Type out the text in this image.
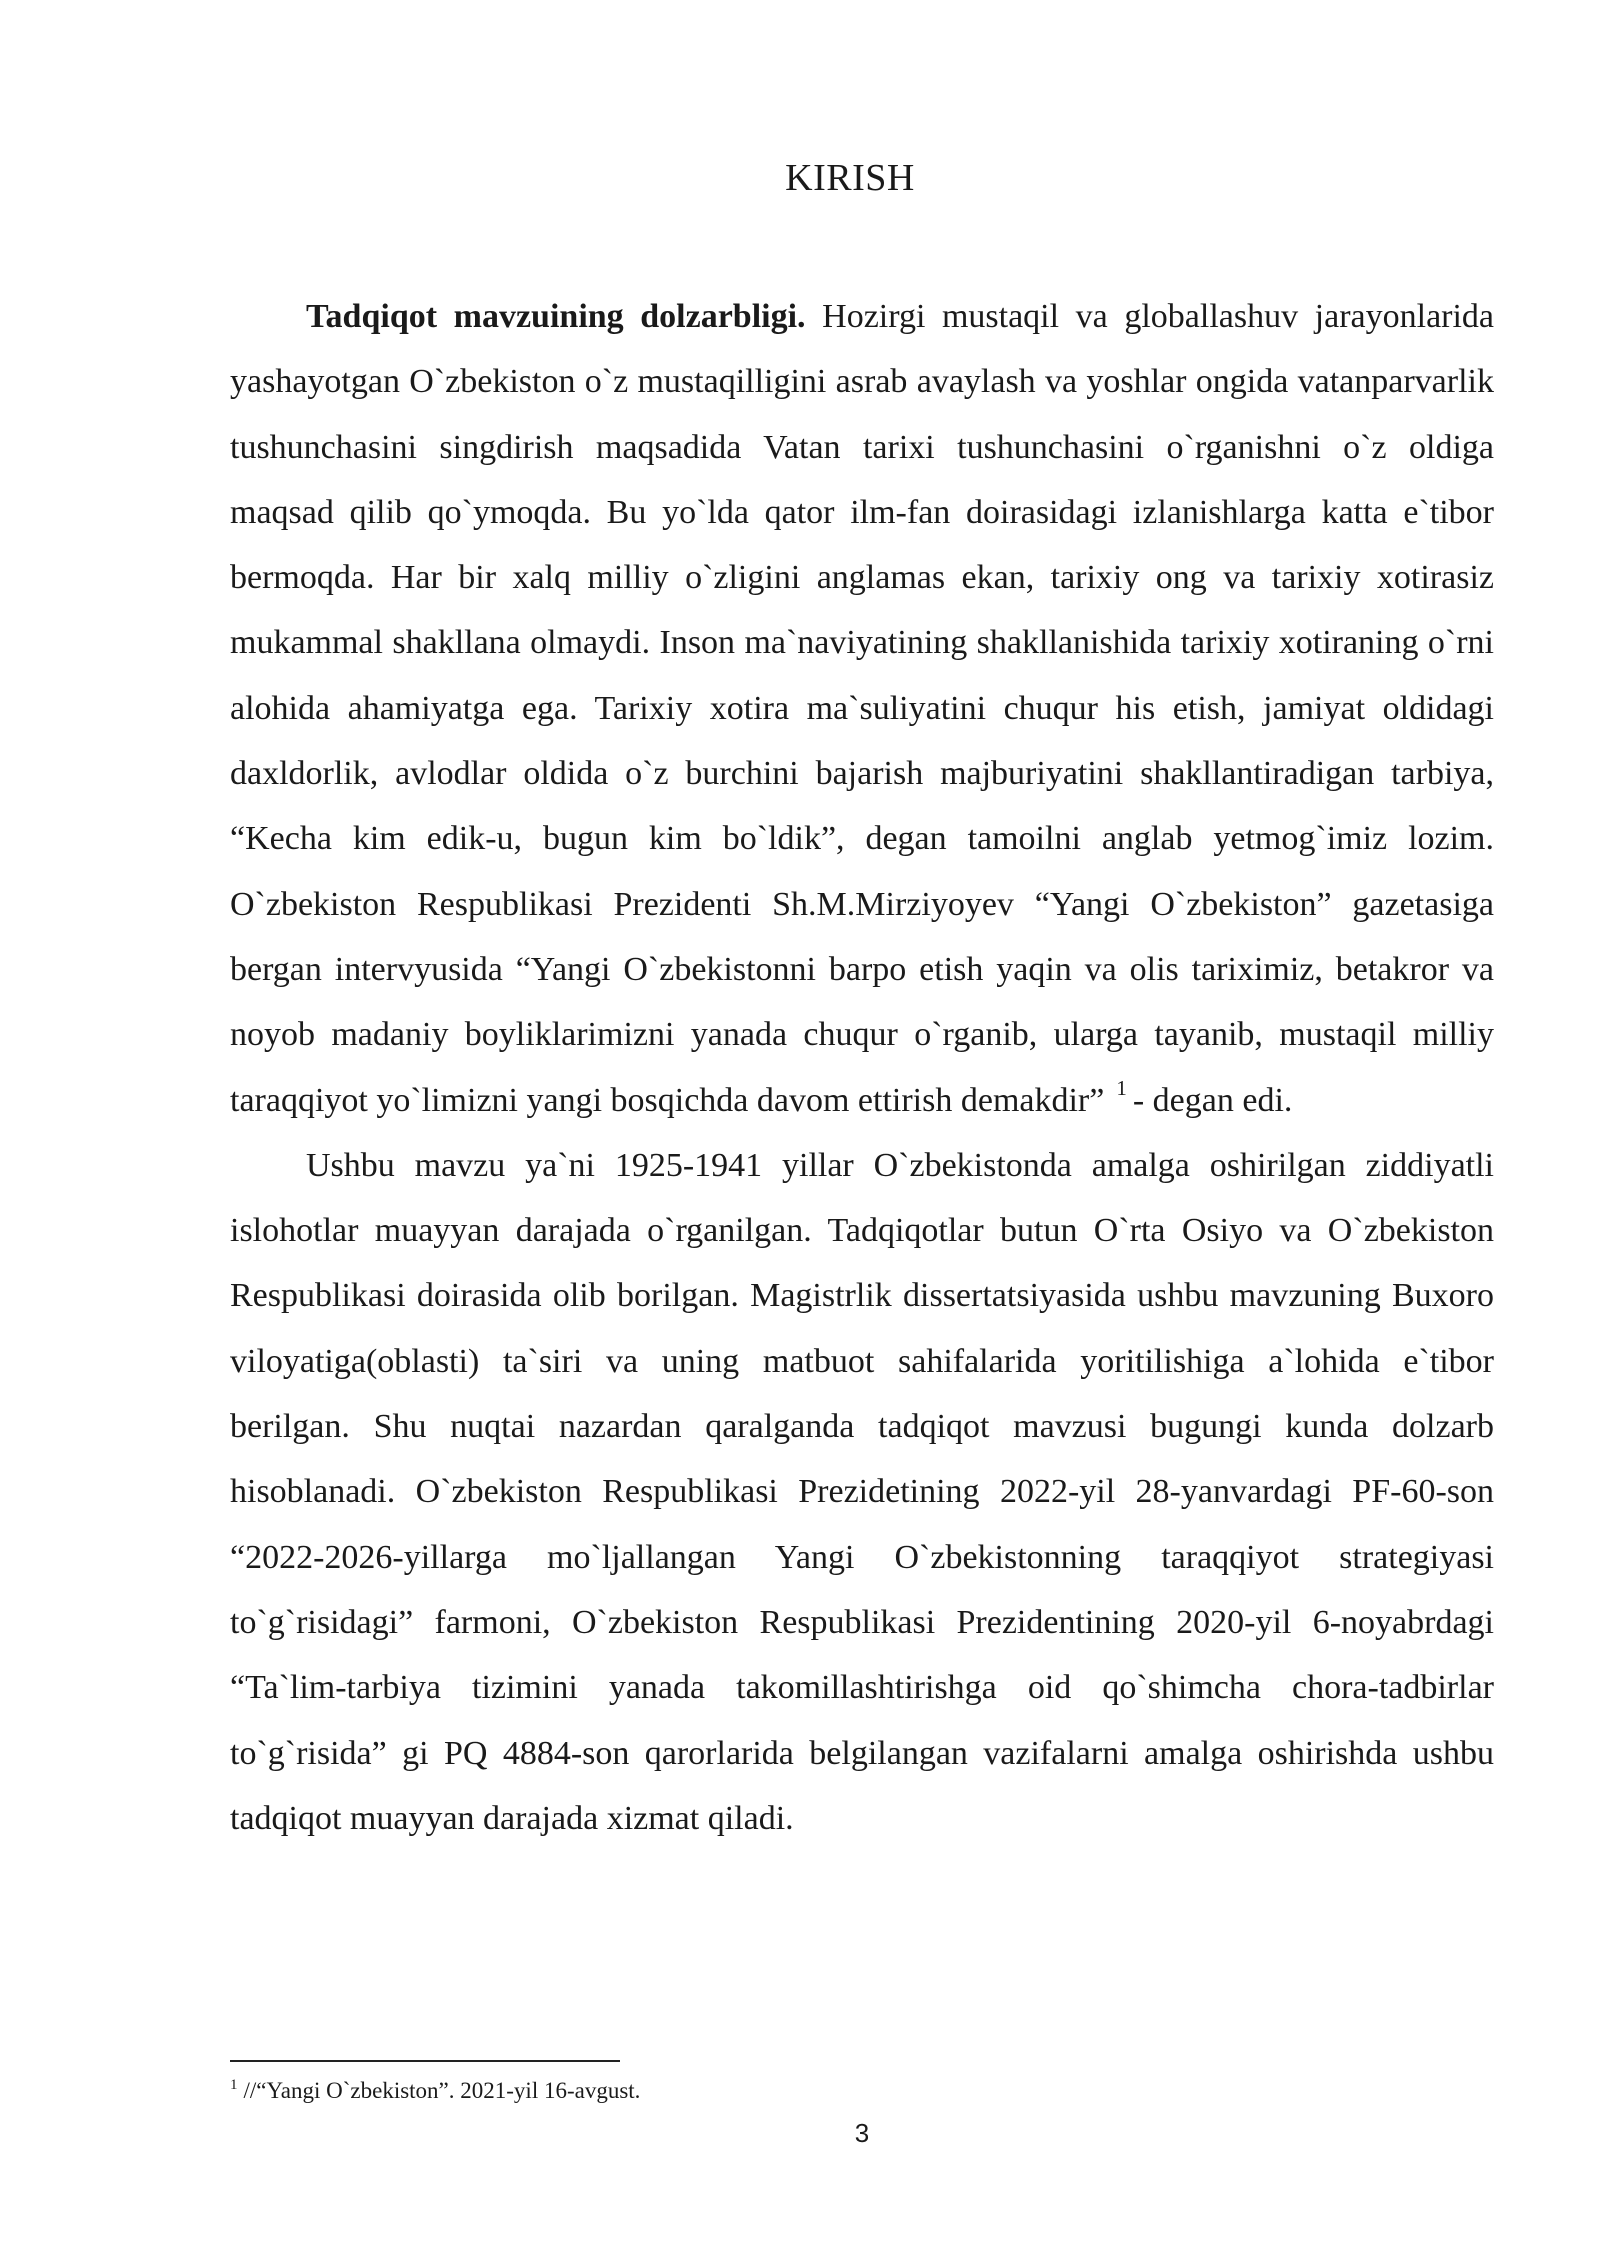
KIRISH

Tadqiqot mavzuining dolzarbligi. Hozirgi mustaqil va globallashuv jarayonlarida yashayotgan O`zbekiston o`z mustaqilligini asrab avaylash va yoshlar ongida vatanparvarlik tushunchasini singdirish maqsadida Vatan tarixi tushunchasini o`rganishni o`z oldiga maqsad qilib qo`ymoqda. Bu yo`lda qator ilm-fan doirasidagi izlanishlarga katta e`tibor bermoqda. Har bir xalq milliy o`zligini anglamas ekan, tarixiy ong va tarixiy xotirasiz mukammal shakllana olmaydi. Inson ma`naviyatining shakllanishida tarixiy xotiraning o`rni alohida ahamiyatga ega. Tarixiy xotira ma`suliyatini chuqur his etish, jamiyat oldidagi daxldorlik, avlodlar oldida o`z burchini bajarish majburiyatini shakllantiradigan tarbiya, “Kecha kim edik-u, bugun kim bo`ldik”, degan tamoilni anglab yetmog`imiz lozim. O`zbekiston Respublikasi Prezidenti Sh.M.Mirziyoyev “Yangi O`zbekiston” gazetasiga bergan intervyusida “Yangi O`zbekistonni barpo etish yaqin va olis tariximiz, betakror va noyob madaniy boyliklarimizni yanada chuqur o`rganib, ularga tayanib, mustaqil milliy taraqqiyot yo`limizni yangi bosqichda davom ettirish demakdir” $^1$ - degan edi.

Ushbu mavzu ya`ni 1925-1941 yillar O`zbekistonda amalga oshirilgan ziddiyatli islohotlar muayyan darajada o`rganilgan. Tadqiqotlar butun O`rta Osiyo va O`zbekiston Respublikasi doirasida olib borilgan. Magistrlik dissertatsiyasida ushbu mavzuning Buxoro viloyatiga(oblasti) ta`siri va uning matbuot sahifalarida yoritilishiga a`lohida e`tibor berilgan. Shu nuqtai nazardan qaralganda tadqiqot mavzusi bugungi kunda dolzarb hisoblanadi. O`zbekiston Respublikasi Prezidetining 2022-yil 28-yanvardagi PF-60-son “2022-2026-yillarga mo`ljallangan Yangi O`zbekistonning taraqqiyot strategiyasi to`g`risidagi” farmoni, O`zbekiston Respublikasi Prezidentining 2020-yil 6-noyabrdagi “Ta`lim-tarbiya tizimini yanada takomillashtirishga oid qo`shimcha chora-tadbirlar to`g`risida” gi PQ 4884-son qarorlarida belgilangan vazifalarni amalga oshirishda ushbu tadqiqot muayyan darajada xizmat qiladi.

$^1$ //“Yangi O`zbekiston”. 2021-yil 16-avgust.
3
